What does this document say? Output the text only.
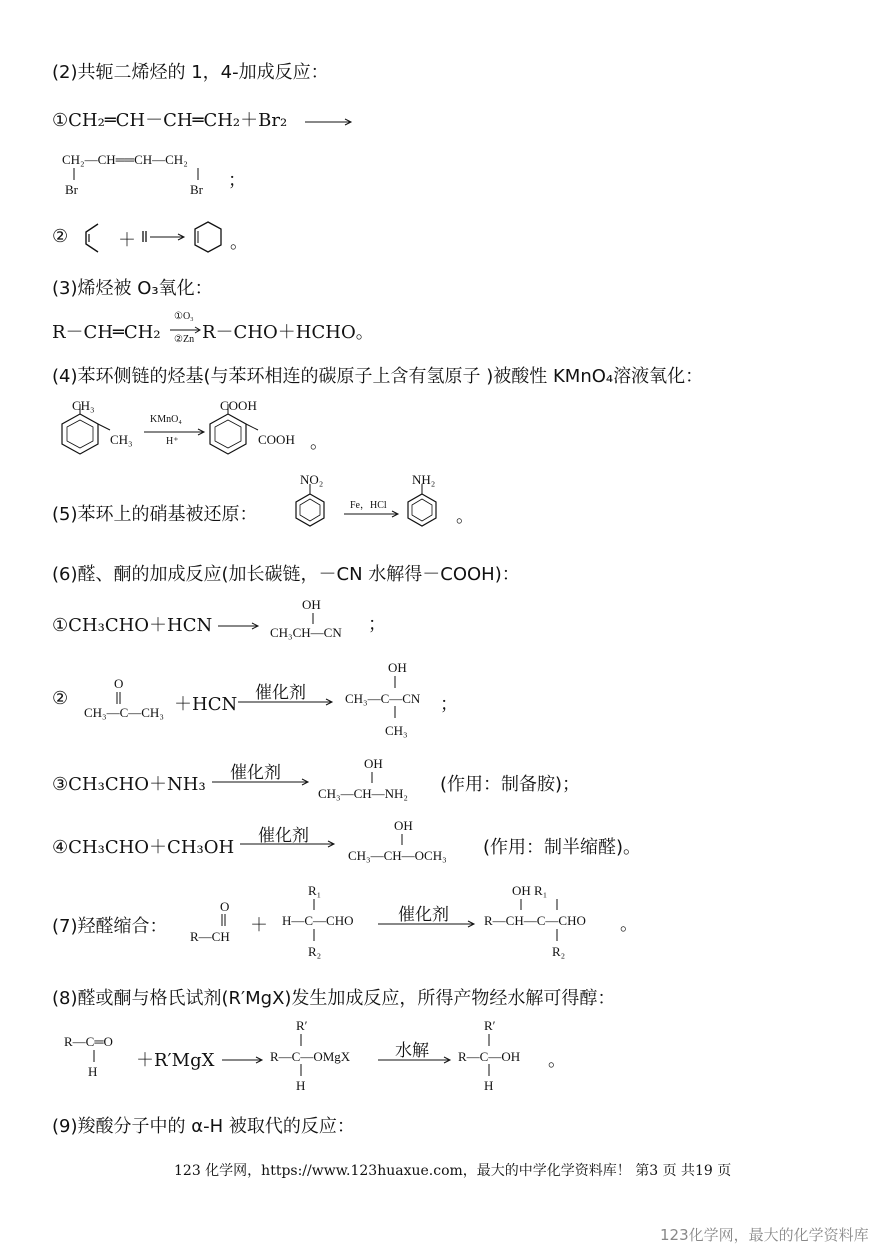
(2)共轭二烯烃的 1，4-加成反应：
①CH₂═CH－CH═CH₂＋Br₂ →
CH₂—CH══CH—CH₂
Br	Br ；
②	＋	。
(3)烯烃被 O₃氧化：
R－CH═CH₂
①O₃
②Zn R－CHO＋HCHO。
(4)苯环侧链的烃基(与苯环相连的碳原子上含有氢原子 )被酸性 KMnO₄溶液氧化：
CH₃
CH₃
KMnO₄
H⁺
COOH
COOH 。
(5)苯环上的硝基被还原：
NO₂
Fe，HCl
NH₂
。
(6)醛、酮的加成反应(加长碳链，－CN 水解得－COOH)：
①CH₃CHO＋HCN →
OH
CH₃CH—CN ；
②
O
CH₃—C—CH₃ ＋HCN
催化剂
OH
CH₃—C—CN
CH₃
；
③CH₃CHO＋NH₃
催化剂	OH
CH₃—CH—NH₂ (作用：制备胺)；
④CH₃CHO＋CH₃OH
催化剂
OH
CH₃—CH—OCH₃ (作用：制半缩醛)。
(7)羟醛缩合：
O
R—CH
＋
R₁
H—C—CHO
R₂
催化剂
OH R₁
R—CH—C—CHO
R₂
。
(8)醛或酮与格氏试剂(R′MgX)发生加成反应，所得产物经水解可得醇：
R—C═O
H
＋R′MgX →
R′
R—C—OMgX
H
水解
R′
R—C—OH
H
。
(9)羧酸分子中的 α-H 被取代的反应：
123 化学网，https://www.123huaxue.com，最大的中学化学资料库！ 第3 页 共19 页
123化学网，最大的化学资料库
